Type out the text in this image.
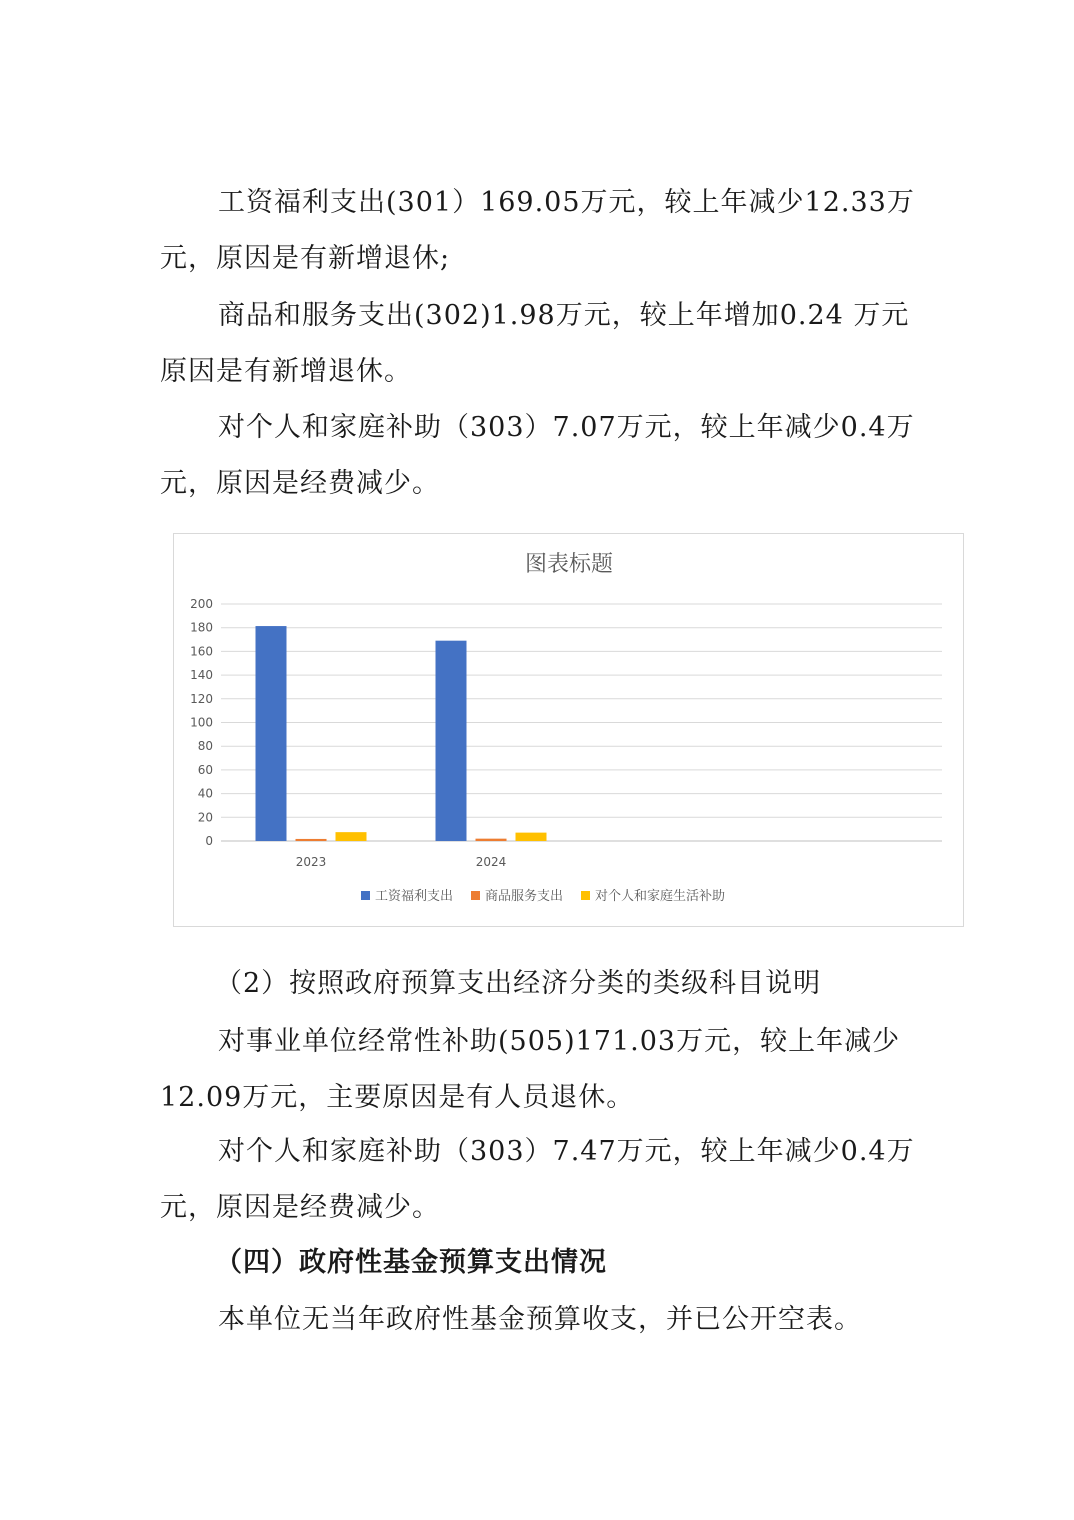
工资福利支出(301）169.05万元，较上年减少12.33万
元，原因是有新增退休;

商品和服务支出(302)1.98万元，较上年增加0.24 万元
原因是有新增退休。

对个人和家庭补助（303）7.07万元，较上年减少0.4万
元，原因是经费减少。

图表标题
0
20
40
60
80
100
120
140
160
180
200
2023	2024
工资福利支出 商品服务支出 对个人和家庭生活补助

（2）按照政府预算支出经济分类的类级科目说明

对事业单位经常性补助(505)171.03万元，较上年减少
12.09万元，主要原因是有人员退休。

对个人和家庭补助（303）7.47万元，较上年减少0.4万
元，原因是经费减少。

（四）政府性基金预算支出情况

本单位无当年政府性基金预算收支，并已公开空表。
